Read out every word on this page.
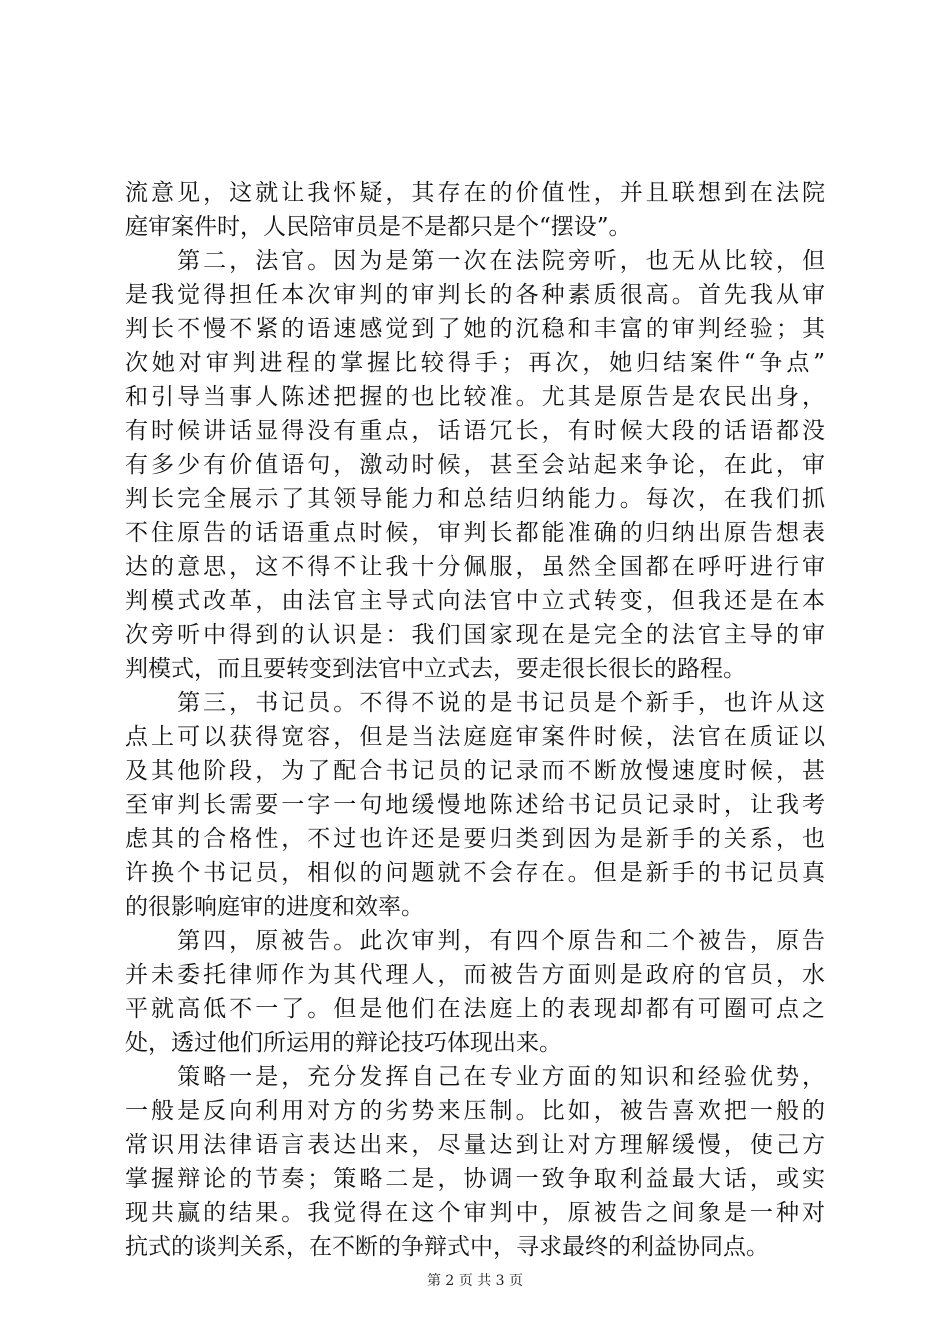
流意见，这就让我怀疑，其存在的价值性，并且联想到在法院
庭审案件时，人民陪审员是不是都只是个“摆设”。
　　第二，法官。因为是第一次在法院旁听，也无从比较，但
是我觉得担任本次审判的审判长的各种素质很高。首先我从审
判长不慢不紧的语速感觉到了她的沉稳和丰富的审判经验；其
次她对审判进程的掌握比较得手；再次，她归结案件“争点”
和引导当事人陈述把握的也比较准。尤其是原告是农民出身，
有时候讲话显得没有重点，话语冗长，有时候大段的话语都没
有多少有价值语句，激动时候，甚至会站起来争论，在此，审
判长完全展示了其领导能力和总结归纳能力。每次，在我们抓
不住原告的话语重点时候，审判长都能准确的归纳出原告想表
达的意思，这不得不让我十分佩服，虽然全国都在呼吁进行审
判模式改革，由法官主导式向法官中立式转变，但我还是在本
次旁听中得到的认识是：我们国家现在是完全的法官主导的审
判模式，而且要转变到法官中立式去，要走很长很长的路程。
　　第三，书记员。不得不说的是书记员是个新手，也许从这
点上可以获得宽容，但是当法庭庭审案件时候，法官在质证以
及其他阶段，为了配合书记员的记录而不断放慢速度时候，甚
至审判长需要一字一句地缓慢地陈述给书记员记录时，让我考
虑其的合格性，不过也许还是要归类到因为是新手的关系，也
许换个书记员，相似的问题就不会存在。但是新手的书记员真
的很影响庭审的进度和效率。
　　第四，原被告。此次审判，有四个原告和二个被告，原告
并未委托律师作为其代理人，而被告方面则是政府的官员，水
平就高低不一了。但是他们在法庭上的表现却都有可圈可点之
处，透过他们所运用的辩论技巧体现出来。
　　策略一是，充分发挥自己在专业方面的知识和经验优势，
一般是反向利用对方的劣势来压制。比如，被告喜欢把一般的
常识用法律语言表达出来，尽量达到让对方理解缓慢，使己方
掌握辩论的节奏；策略二是，协调一致争取利益最大话，或实
现共赢的结果。我觉得在这个审判中，原被告之间象是一种对
抗式的谈判关系，在不断的争辩式中，寻求最终的利益协同点。
第 2 页 共 3 页
